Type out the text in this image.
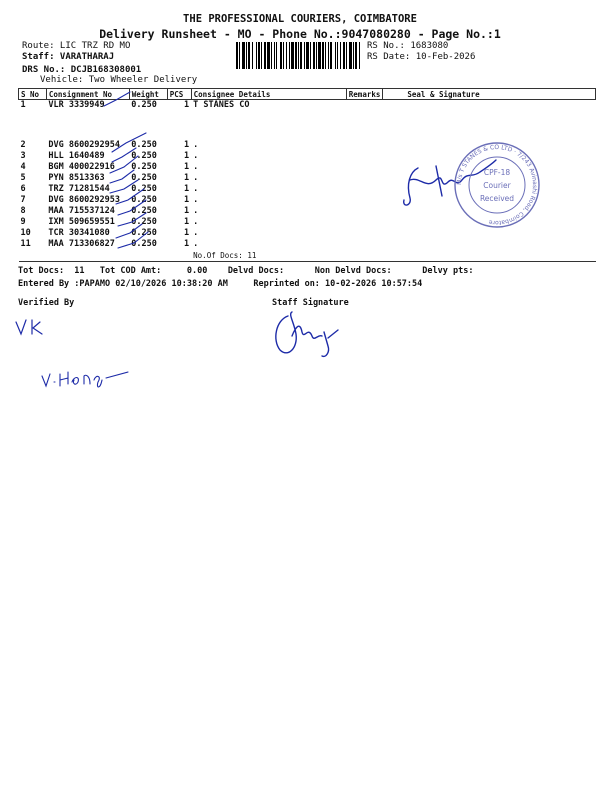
THE PROFESSIONAL COURIERS, COIMBATORE
Delivery Runsheet - MO - Phone No.:9047080280 - Page No.:1
Route: LIC TRZ RD MO
Staff: VARATHARAJ
DRS No.: DCJB168308001
Vehicle: Two Wheeler Delivery
RS No.: 1683080
RS Date: 10-Feb-2026
S No	Consignment No	Weight	PCS	Consignee Details	Remarks	Seal & Signature
1	VLR 3339949	0.250	1	T STANES CO		
2	DVG 8600292954	0.250	1	.		
3	HLL 1640489	0.250	1	.		
4	BGM 400022916	0.250	1	.		
5	PYN 8513363	0.250	1	.		
6	TRZ 71281544	0.250	1	.		
7	DVG 8600292953	0.250	1	.		
8	MAA 715537124	0.250	1	.		
9	IXM 509659551	0.250	1	.		
10	TCR 30341080	0.250	1	.		
11	MAA 713306827	0.250	1	.		
				No.Of Docs: 11		
Tot Docs:  11   Tot COD Amt:     0.00    Delvd Docs:      Non Delvd Docs:      Delvy pts:
Entered By :PAPAMO 02/10/2026 10:38:20 AM     Reprinted on: 10-02-2026 10:57:54
Verified By	Staff Signature
M/s T STANES & CO LTD · 7/243 Avinashi Road, Coimbatore
CPF-18
Courier
Received
